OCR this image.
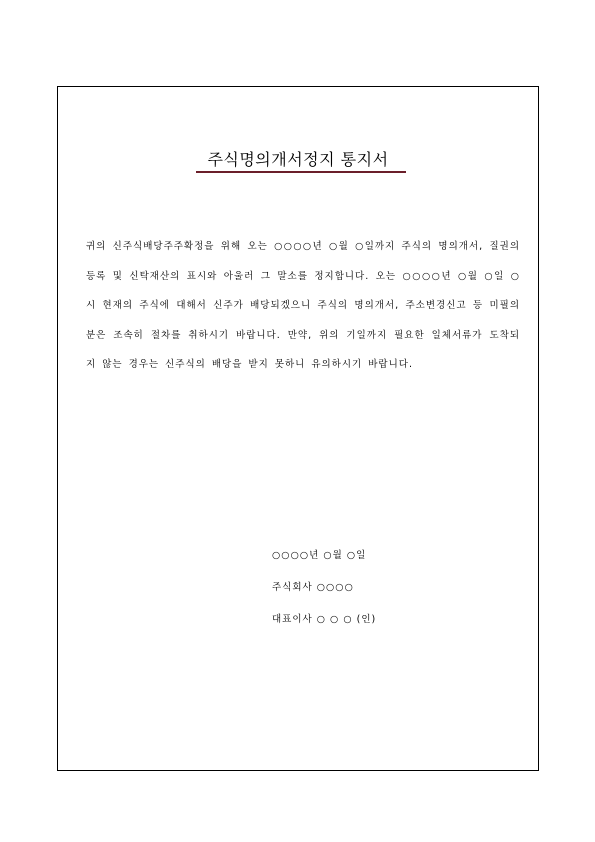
주식명의개서정지 통지서
귀의 신주식배당주주확정을 위해 오는 ○○○○년 ○월 ○일까지 주식의 명의개서, 질권의 등록 및 신탁재산의 표시와 아울러 그 말소를 정지합니다. 오는 ○○○○년 ○월 ○일 ○시 현재의 주식에 대해서 신주가 배당되겠으니 주식의 명의개서, 주소변경신고 등 미필의 분은 조속히 절차를 취하시기 바랍니다. 만약, 위의 기일까지 필요한 일체서류가 도착되지 않는 경우는 신주식의 배당을 받지 못하니 유의하시기 바랍니다.
○○○○년 ○월 ○일
주식회사 ○○○○
대표이사 ○ ○ ○ (인)
